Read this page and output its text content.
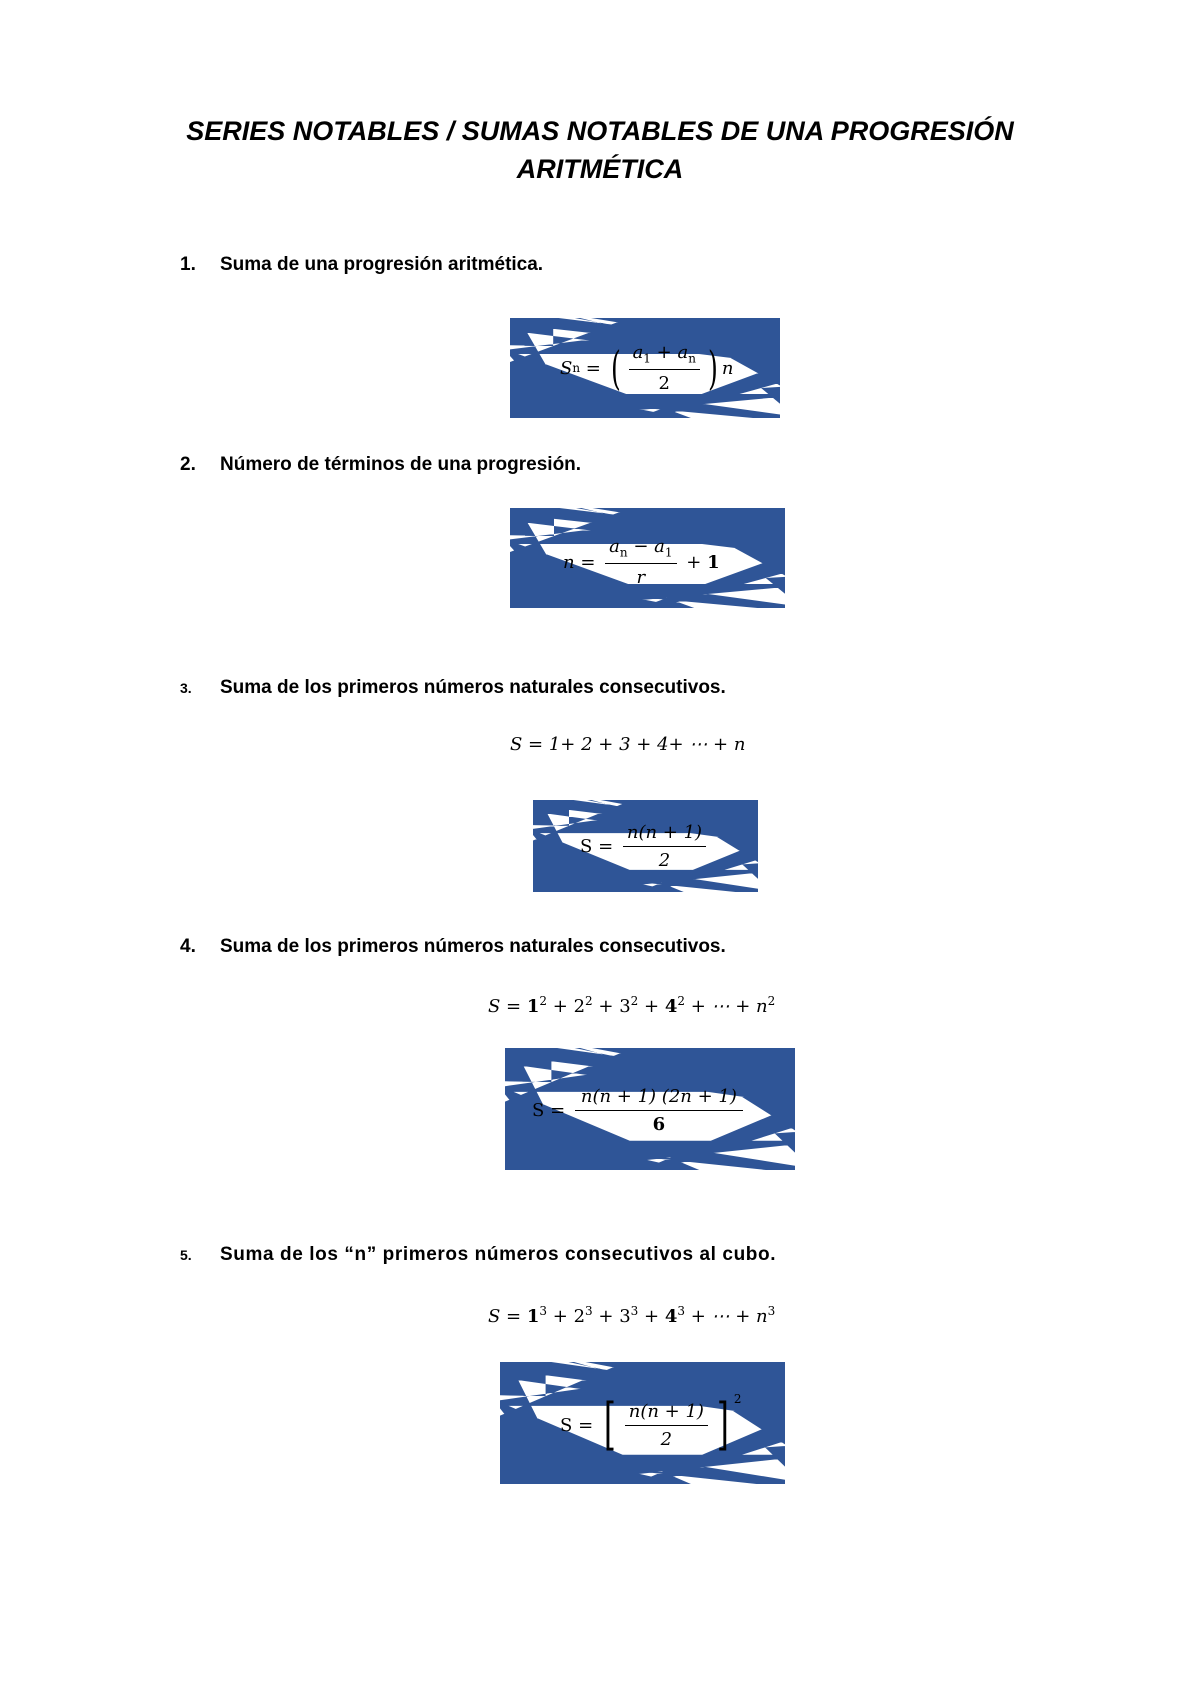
SERIES NOTABLES / SUMAS NOTABLES DE UNA PROGRESIÓN
ARITMÉTICA
1. Suma de una progresión aritmética.
S n = ( $\frac{a_1 + a_n}{2}$ ) n
2. Número de términos de una progresión.
$n = \frac{a_n - a_1}{r} + 1$
3. Suma de los primeros números naturales consecutivos.
S = 1+ 2 + 3 + 4+ ⋯ + n
$S = \frac{n(n + 1)}{2}$
4. Suma de los primeros números naturales consecutivos.
$S = 1^2 + 2^2 + 3^2 + 4^2$ + ⋯ + $n^2$
$S = \frac{n(n + 1) (2n + 1)}{6}$
5. Suma de los “n” primeros números consecutivos al cubo.
$S = 1^3 + 2^3 + 3^3 + 4^3$ + ⋯ + $n^3$
S = [ $\frac{n(n + 1)}{2}$ ] $^2$
